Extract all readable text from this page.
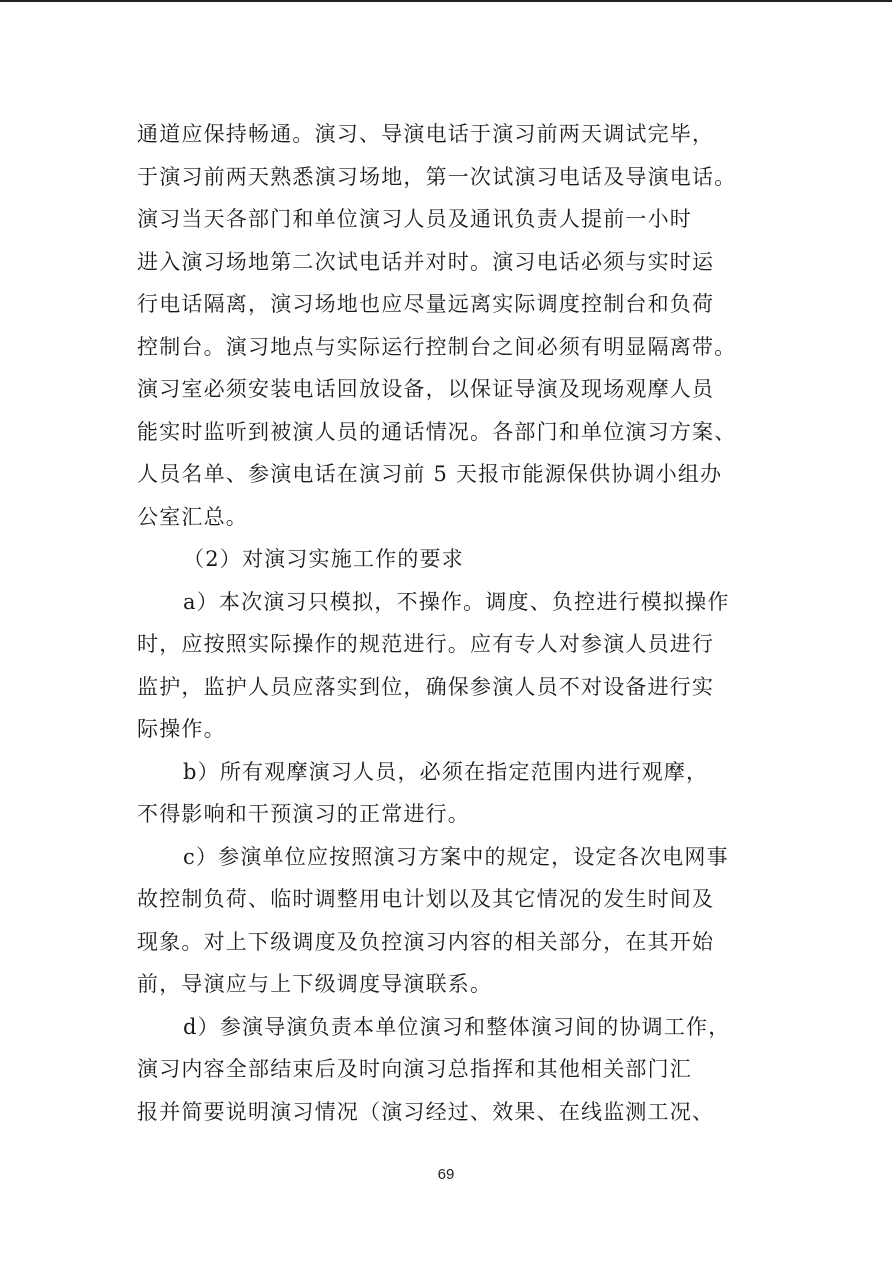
通道应保持畅通。演习、导演电话于演习前两天调试完毕，
于演习前两天熟悉演习场地，第一次试演习电话及导演电话。
演习当天各部门和单位演习人员及通讯负责人提前一小时
进入演习场地第二次试电话并对时。演习电话必须与实时运
行电话隔离，演习场地也应尽量远离实际调度控制台和负荷
控制台。演习地点与实际运行控制台之间必须有明显隔离带。
演习室必须安装电话回放设备，以保证导演及现场观摩人员
能实时监听到被演人员的通话情况。各部门和单位演习方案、
人员名单、参演电话在演习前 5 天报市能源保供协调小组办
公室汇总。
（2）对演习实施工作的要求
a）本次演习只模拟，不操作。调度、负控进行模拟操作
时，应按照实际操作的规范进行。应有专人对参演人员进行
监护，监护人员应落实到位，确保参演人员不对设备进行实
际操作。
b）所有观摩演习人员，必须在指定范围内进行观摩，
不得影响和干预演习的正常进行。
c）参演单位应按照演习方案中的规定，设定各次电网事
故控制负荷、临时调整用电计划以及其它情况的发生时间及
现象。对上下级调度及负控演习内容的相关部分，在其开始
前，导演应与上下级调度导演联系。
d）参演导演负责本单位演习和整体演习间的协调工作，
演习内容全部结束后及时向演习总指挥和其他相关部门汇
报并简要说明演习情况（演习经过、效果、在线监测工况、
69
